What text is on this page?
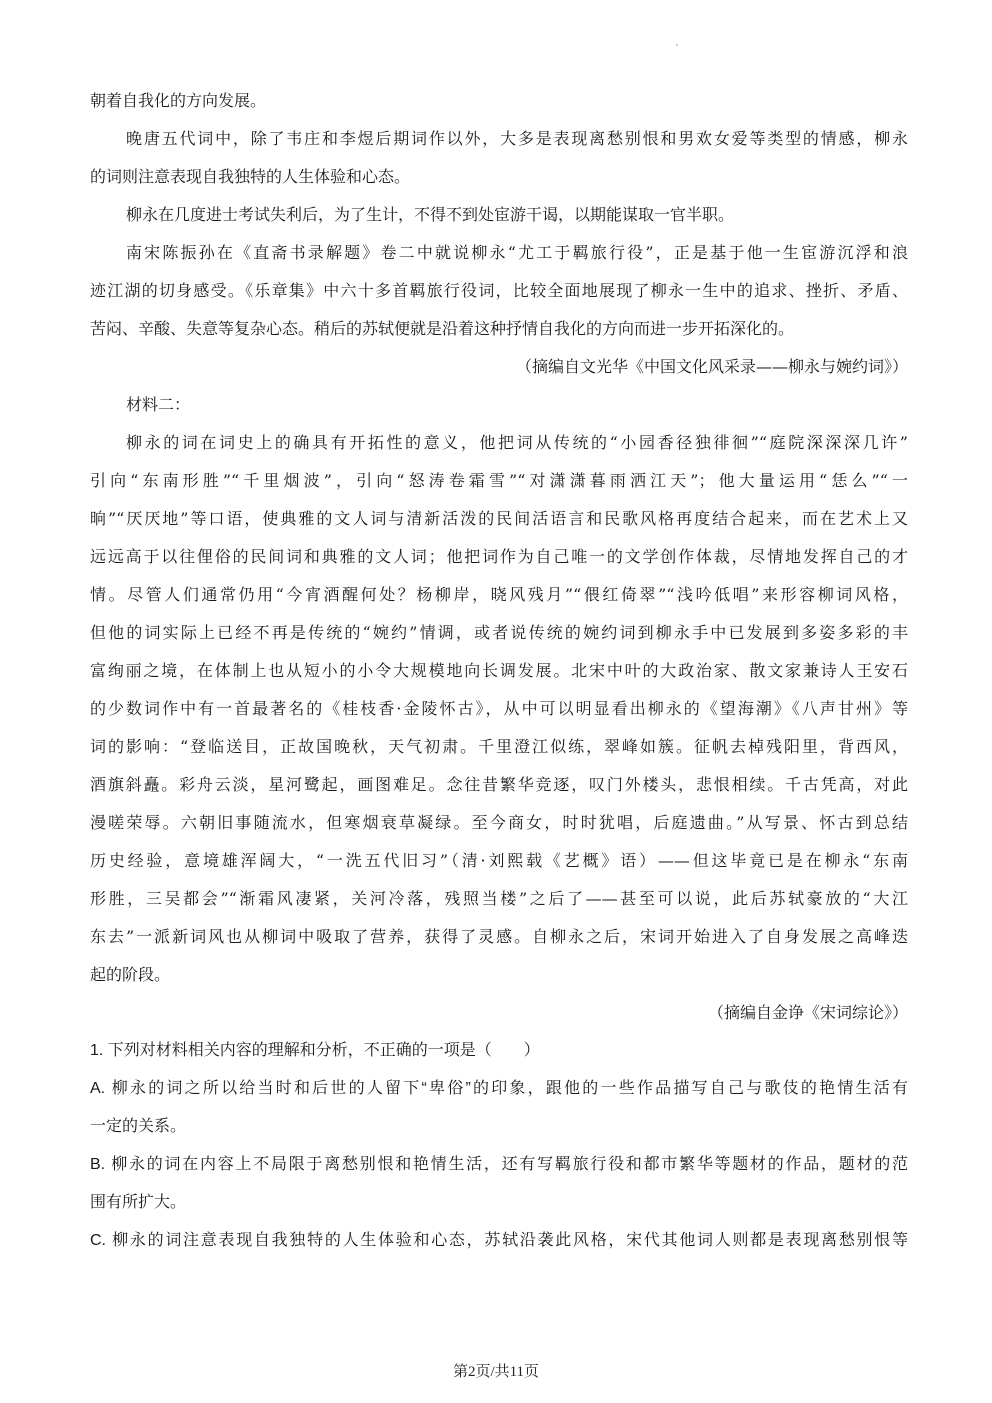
朝着自我化的方向发展。
晚唐五代词中，除了韦庄和李煜后期词作以外，大多是表现离愁别恨和男欢女爱等类型的情感，柳永
的词则注意表现自我独特的人生体验和心态。
柳永在几度进士考试失利后，为了生计，不得不到处宦游干谒，以期能谋取一官半职。
南宋陈振孙在《直斋书录解题》卷二中就说柳永“尤工于羁旅行役”，正是基于他一生宦游沉浮和浪
迹江湖的切身感受。《乐章集》中六十多首羁旅行役词，比较全面地展现了柳永一生中的追求、挫折、矛盾、
苦闷、辛酸、失意等复杂心态。稍后的苏轼便就是沿着这种抒情自我化的方向而进一步开拓深化的。
（摘编自文光华《中国文化风采录——柳永与婉约词》）
材料二：
柳永的词在词史上的确具有开拓性的意义，他把词从传统的“小园香径独徘徊”“庭院深深深几许”
引向“东南形胜”“千里烟波”，引向“怒涛卷霜雪”“对潇潇暮雨洒江天”；他大量运用“恁么”“一
晌”“厌厌地”等口语，使典雅的文人词与清新活泼的民间活语言和民歌风格再度结合起来，而在艺术上又
远远高于以往俚俗的民间词和典雅的文人词；他把词作为自己唯一的文学创作体裁，尽情地发挥自己的才
情。尽管人们通常仍用“今宵酒醒何处？杨柳岸，晓风残月”“偎红倚翠”“浅吟低唱”来形容柳词风格，
但他的词实际上已经不再是传统的“婉约”情调，或者说传统的婉约词到柳永手中已发展到多姿多彩的丰
富绚丽之境，在体制上也从短小的小令大规模地向长调发展。北宋中叶的大政治家、散文家兼诗人王安石
的少数词作中有一首最著名的《桂枝香·金陵怀古》，从中可以明显看出柳永的《望海潮》《八声甘州》等
词的影响：“登临送目，正故国晚秋，天气初肃。千里澄江似练，翠峰如簇。征帆去棹残阳里，背西风，
酒旗斜矗。彩舟云淡，星河鹭起，画图难足。念往昔繁华竞逐，叹门外楼头，悲恨相续。千古凭高，对此
漫嗟荣辱。六朝旧事随流水，但寒烟衰草凝绿。至今商女，时时犹唱，后庭遗曲。”从写景、怀古到总结
历史经验，意境雄浑阔大，“一洗五代旧习”（清·刘熙载《艺概》语）——但这毕竟已是在柳永“东南
形胜，三吴都会”“渐霜风凄紧，关河冷落，残照当楼”之后了——甚至可以说，此后苏轼豪放的“大江
东去”一派新词风也从柳词中吸取了营养，获得了灵感。自柳永之后，宋词开始进入了自身发展之高峰迭
起的阶段。
（摘编自金诤《宋词综论》）
1. 下列对材料相关内容的理解和分析，不正确的一项是（　　）
A. 柳永的词之所以给当时和后世的人留下“卑俗”的印象，跟他的一些作品描写自己与歌伎的艳情生活有
一定的关系。
B. 柳永的词在内容上不局限于离愁别恨和艳情生活，还有写羁旅行役和都市繁华等题材的作品，题材的范
围有所扩大。
C. 柳永的词注意表现自我独特的人生体验和心态，苏轼沿袭此风格，宋代其他词人则都是表现离愁别恨等
第2页/共11页
